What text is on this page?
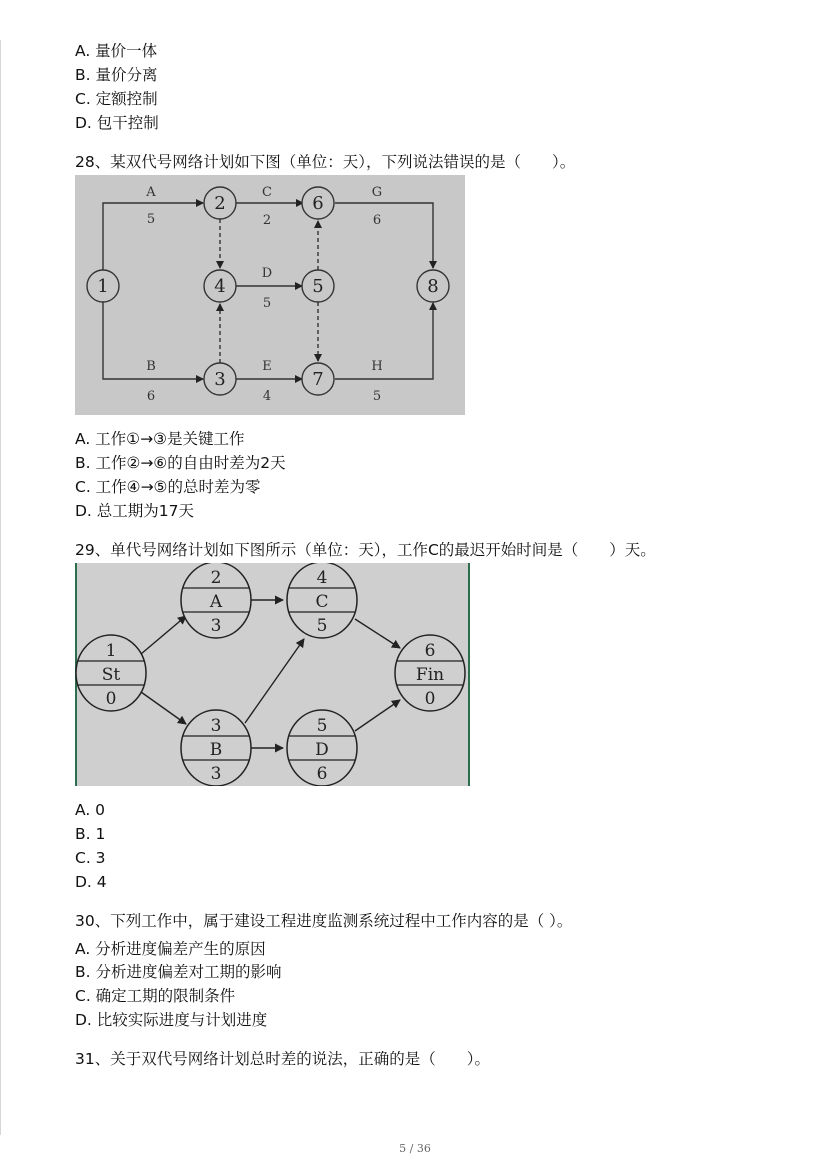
A. 量价一体
B. 量价分离
C. 定额控制
D. 包干控制
28、某双代号网络计划如下图（单位：天），下列说法错误的是（　　）。
1
2
3
4	5
6
7
8
A
5
B
6
C
2
D
5
E
4
G
6
H
5
A. 工作①→③是关键工作
B. 工作②→⑥的自由时差为2天
C. 工作④→⑤的总时差为零
D. 总工期为17天
29、单代号网络计划如下图所示（单位：天），工作C的最迟开始时间是（　　）天。
1
St
0
2
A
3
3
B
3
4
C
5
5
D
6
6
Fin
0
A. 0
B. 1
C. 3
D. 4
30、下列工作中，属于建设工程进度监测系统过程中工作内容的是（ ）。
A. 分析进度偏差产生的原因
B. 分析进度偏差对工期的影响
C. 确定工期的限制条件
D. 比较实际进度与计划进度
31、关于双代号网络计划总时差的说法，正确的是（　　）。
5 / 36
